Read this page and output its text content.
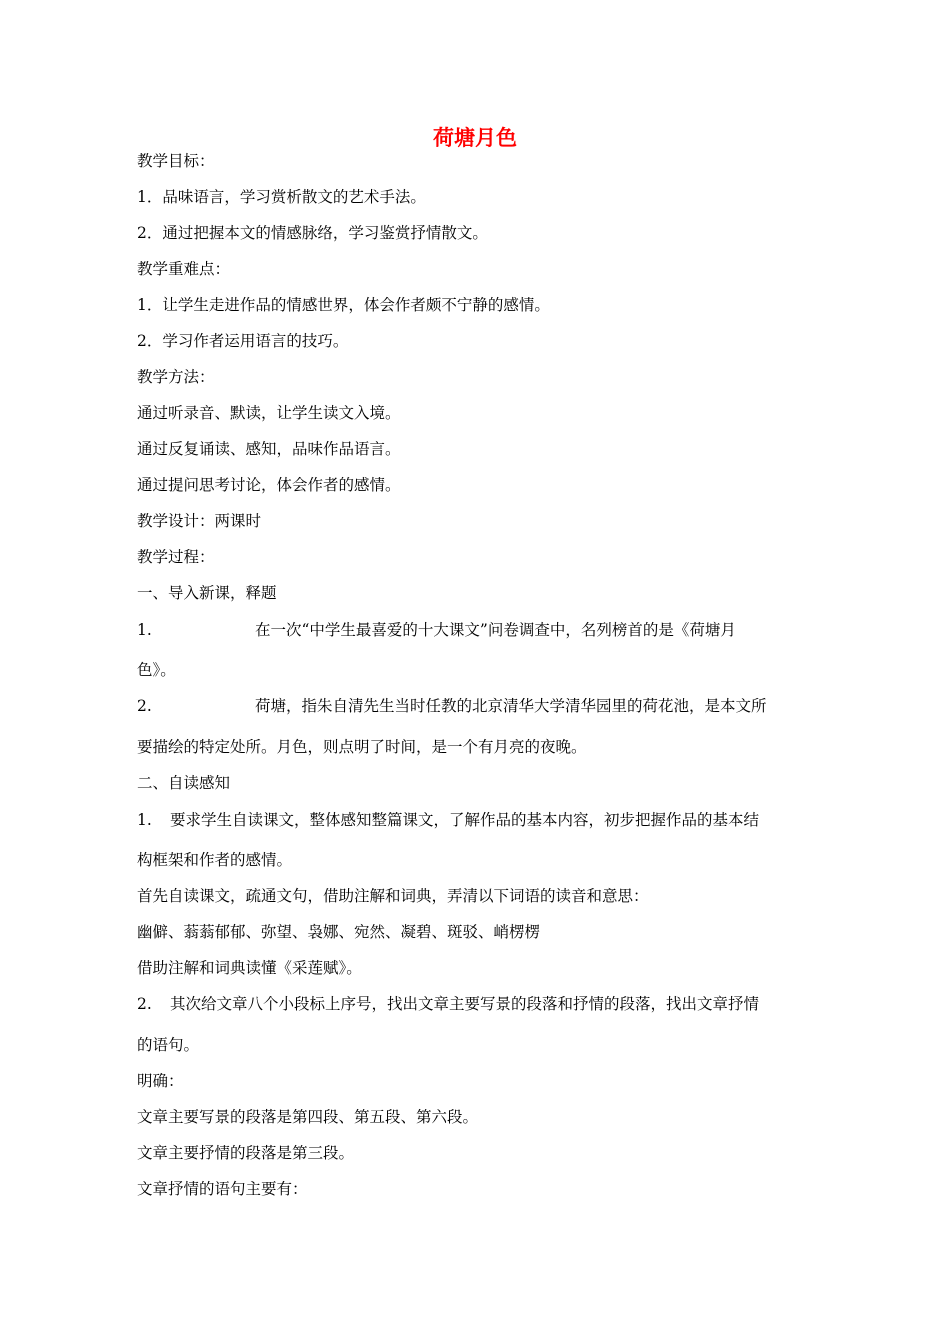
荷塘月色
教学目标：
1．品味语言，学习赏析散文的艺术手法。
2．通过把握本文的情感脉络，学习鉴赏抒情散文。
教学重难点：
1．让学生走进作品的情感世界，体会作者颇不宁静的感情。
2．学习作者运用语言的技巧。
教学方法：
通过听录音、默读，让学生读文入境。
通过反复诵读、感知，品味作品语言。
通过提问思考讨论，体会作者的感情。
教学设计：两课时
教学过程：
一、导入新课，释题
1.	在一次“中学生最喜爱的十大课文”问卷调查中，名列榜首的是《荷塘月
色》。
2.	荷塘，指朱自清先生当时任教的北京清华大学清华园里的荷花池，是本文所
要描绘的特定处所。月色，则点明了时间，是一个有月亮的夜晚。
二、自读感知
1. 要求学生自读课文，整体感知整篇课文，了解作品的基本内容，初步把握作品的基本结
构框架和作者的感情。
首先自读课文，疏通文句，借助注解和词典，弄清以下词语的读音和意思：
幽僻、蓊蓊郁郁、弥望、袅娜、宛然、凝碧、斑驳、峭楞楞
借助注解和词典读懂《采莲赋》。
2. 其次给文章八个小段标上序号，找出文章主要写景的段落和抒情的段落，找出文章抒情
的语句。
明确：
文章主要写景的段落是第四段、第五段、第六段。
文章主要抒情的段落是第三段。
文章抒情的语句主要有：
